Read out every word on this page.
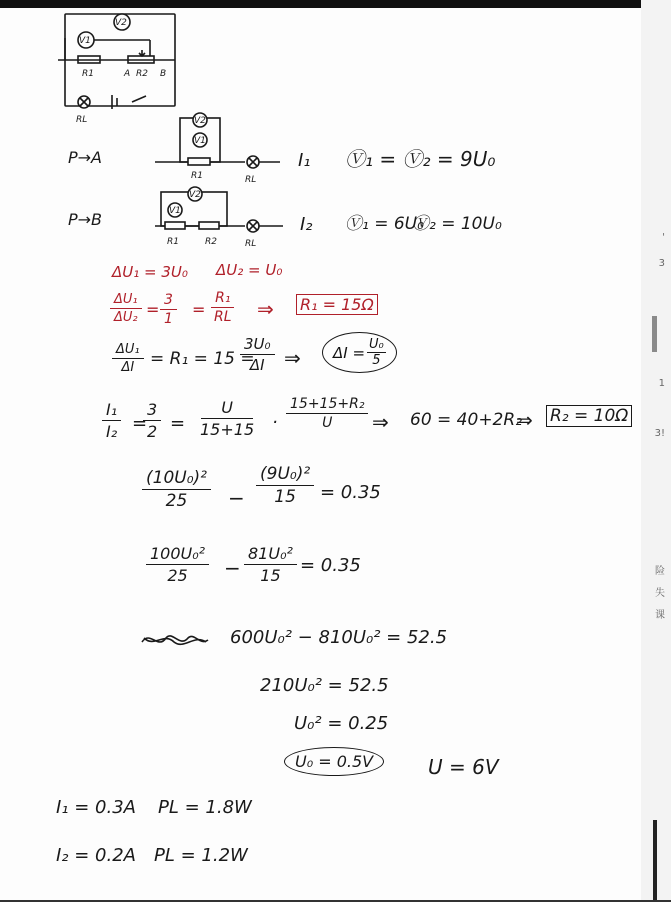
V2
V1
R1	A R2 B
RL
P→A
V2
V1
R1	RL
I₁ Ⓥ₁ = Ⓥ₂ = 9U₀
P→B
V2
V1
R1	R2	RL
I₂ Ⓥ₁ = 6U₀
Ⓥ₂ = 10U₀
ΔU₁ = 3U₀ ΔU₂ = U₀
$\frac{\text{ΔU₁}}{\text{ΔU₂}} = \frac{3}{1} = \frac{\text{R₁}}{RL}$ ⇒ R₁ = 15Ω
$\frac{\text{ΔU₁}}{\Delta I} = R_1 = 15$ =
$\frac{\text{3U₀}}{\Delta I}$ ⇒ $\Delta I = \frac{\text{U₀}}{5}$
$\frac{\text{I₁}}{\text{I₂}}$ =
$\frac{3}{2} = \frac{U}{15+15} \cdot \frac{\text{15+15+R₂}}{U}$ ⇒ 60 = 40+2R₂
⇒ R₂ = 10Ω
$\frac{\text{(10U₀)²}}{25} - \frac{\text{(9U₀)²}}{15} = 0.35$
$\frac{\text{100U₀²}}{25} - \frac{\text{81U₀²}}{15} = 0.35$
600U₀² − 810U₀² = 52.5
210U₀² = 52.5
U₀² = 0.25
U₀ = 0.5V	U = 6V
I₁ = 0.3A PL = 1.8W
I₂ = 0.2A PL = 1.2W
'
3
1
3!
险
失
课
